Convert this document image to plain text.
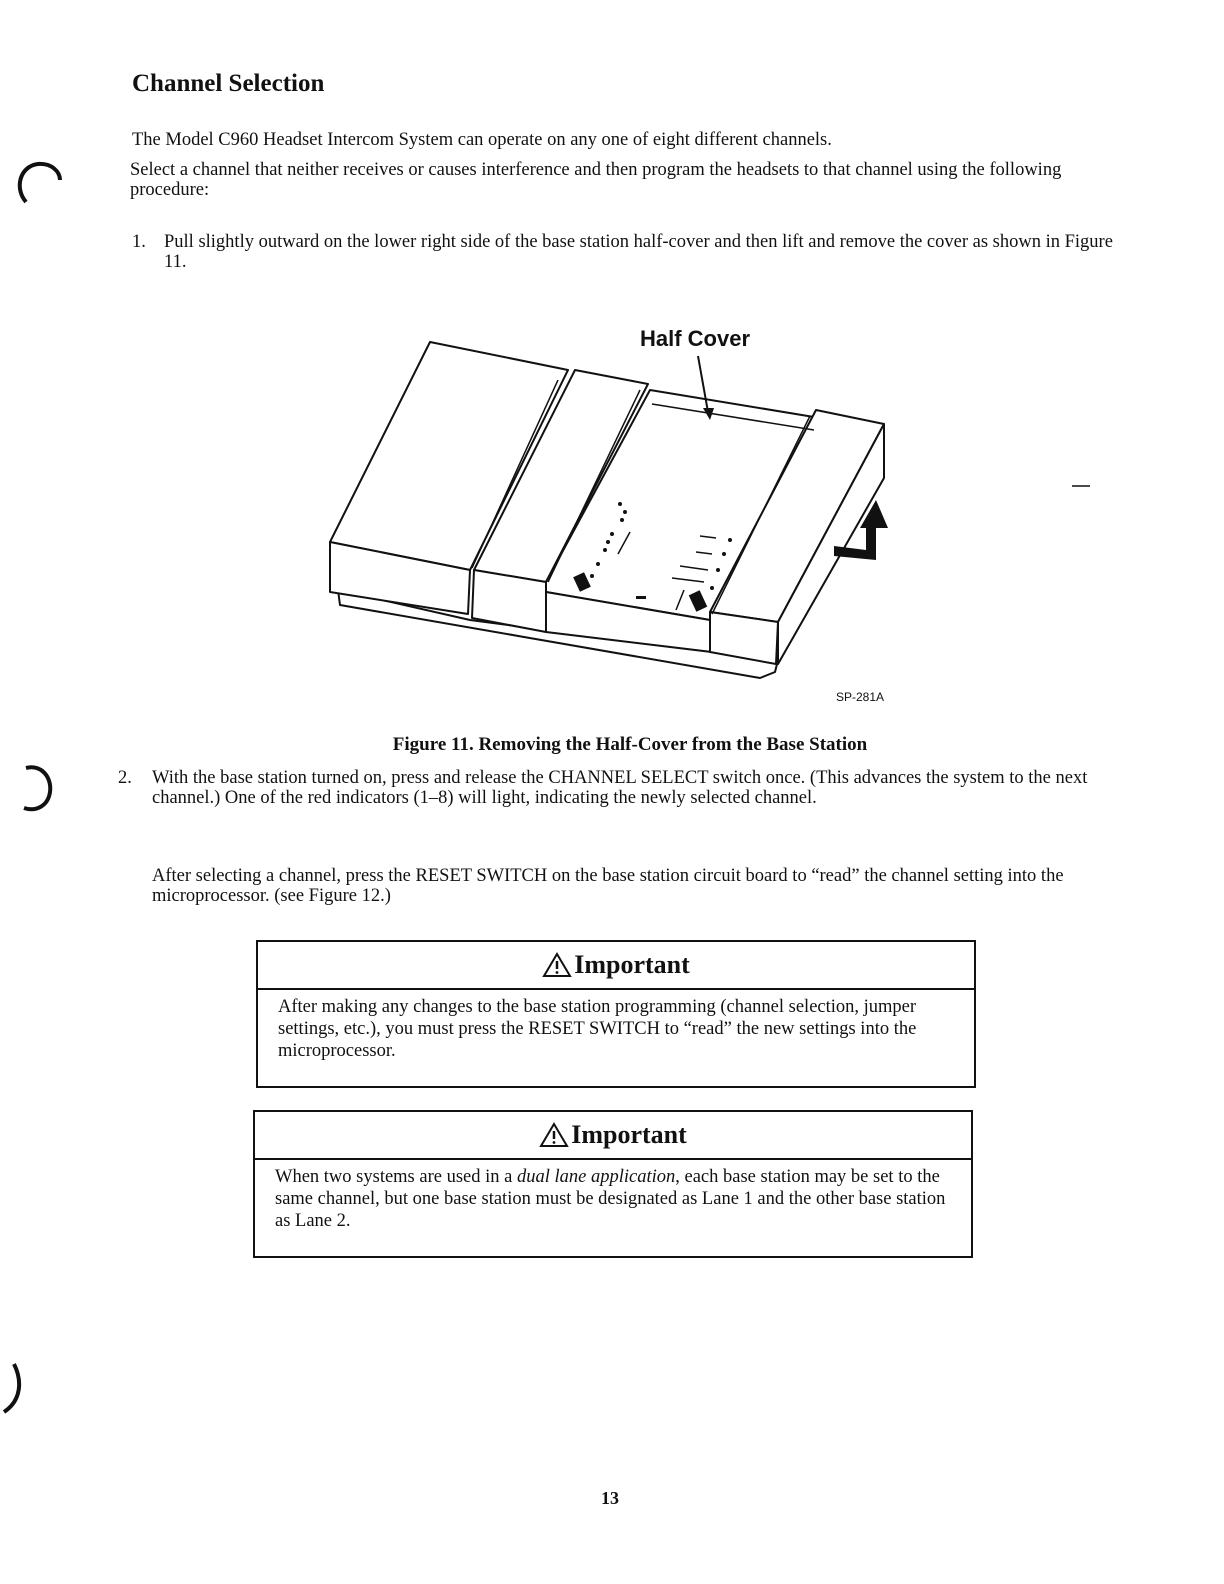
Channel Selection

The Model C960 Headset Intercom System can operate on any one of eight different channels.

Select a channel that neither receives or causes interference and then program the headsets to that channel using the following procedure:

1. Pull slightly outward on the lower right side of the base station half-cover and then lift and remove the cover as shown in Figure 11.
Half Cover
SP-281A
Figure 11. Removing the Half-Cover from the Base Station
2.	With the base station turned on, press and release the CHANNEL SELECT switch once. (This advances the system to the next channel.) One of the red indicators (1–8) will light, indicating the newly selected channel.

After selecting a channel, press the RESET SWITCH on the base station circuit board to “read” the channel setting into the microprocessor. (see Figure 12.)

Important
After making any changes to the base station programming (channel selection, jumper settings, etc.), you must press the RESET SWITCH to “read” the new settings into the microprocessor.
Important
When two systems are used in a dual lane application, each base station may be set to the same channel, but one base station must be designated as Lane 1 and the other base station as Lane 2.
13
